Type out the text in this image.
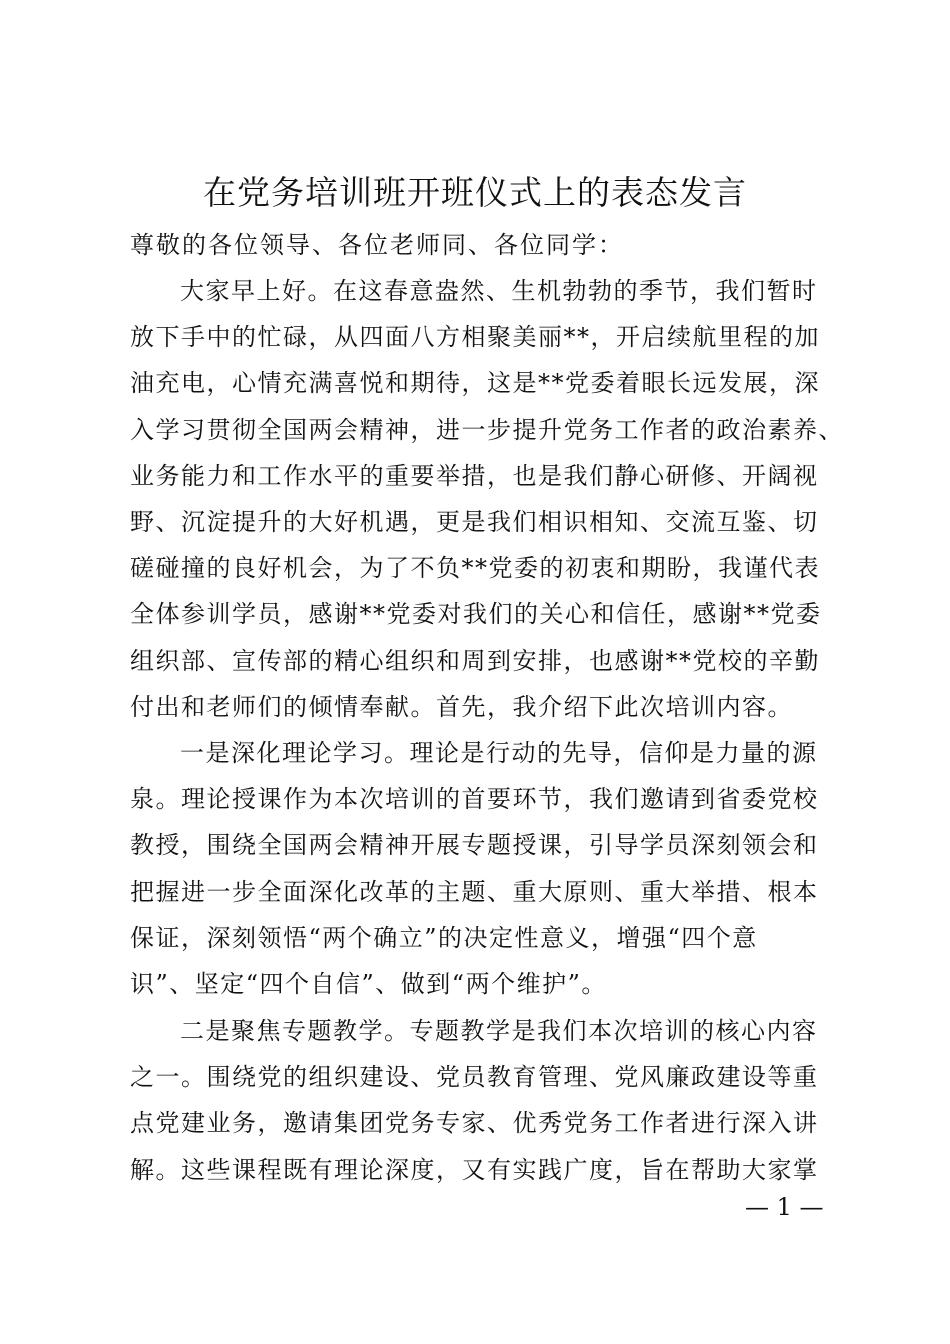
在党务培训班开班仪式上的表态发言
尊敬的各位领导、各位老师同、各位同学：
大家早上好。在这春意盎然、生机勃勃的季节，我们暂时
放下手中的忙碌，从四面八方相聚美丽**，开启续航里程的加
油充电，心情充满喜悦和期待，这是**党委着眼长远发展，深
入学习贯彻全国两会精神，进一步提升党务工作者的政治素养、
业务能力和工作水平的重要举措，也是我们静心研修、开阔视
野、沉淀提升的大好机遇，更是我们相识相知、交流互鉴、切
磋碰撞的良好机会，为了不负**党委的初衷和期盼，我谨代表
全体参训学员，感谢**党委对我们的关心和信任，感谢**党委
组织部、宣传部的精心组织和周到安排，也感谢**党校的辛勤
付出和老师们的倾情奉献。首先，我介绍下此次培训内容。
一是深化理论学习。理论是行动的先导，信仰是力量的源
泉。理论授课作为本次培训的首要环节，我们邀请到省委党校
教授，围绕全国两会精神开展专题授课，引导学员深刻领会和
把握进一步全面深化改革的主题、重大原则、重大举措、根本
保证，深刻领悟“两个确立”的决定性意义，增强“四个意
识”、坚定“四个自信”、做到“两个维护”。
二是聚焦专题教学。专题教学是我们本次培训的核心内容
之一。围绕党的组织建设、党员教育管理、党风廉政建设等重
点党建业务，邀请集团党务专家、优秀党务工作者进行深入讲
解。这些课程既有理论深度，又有实践广度，旨在帮助大家掌
— 1 —
